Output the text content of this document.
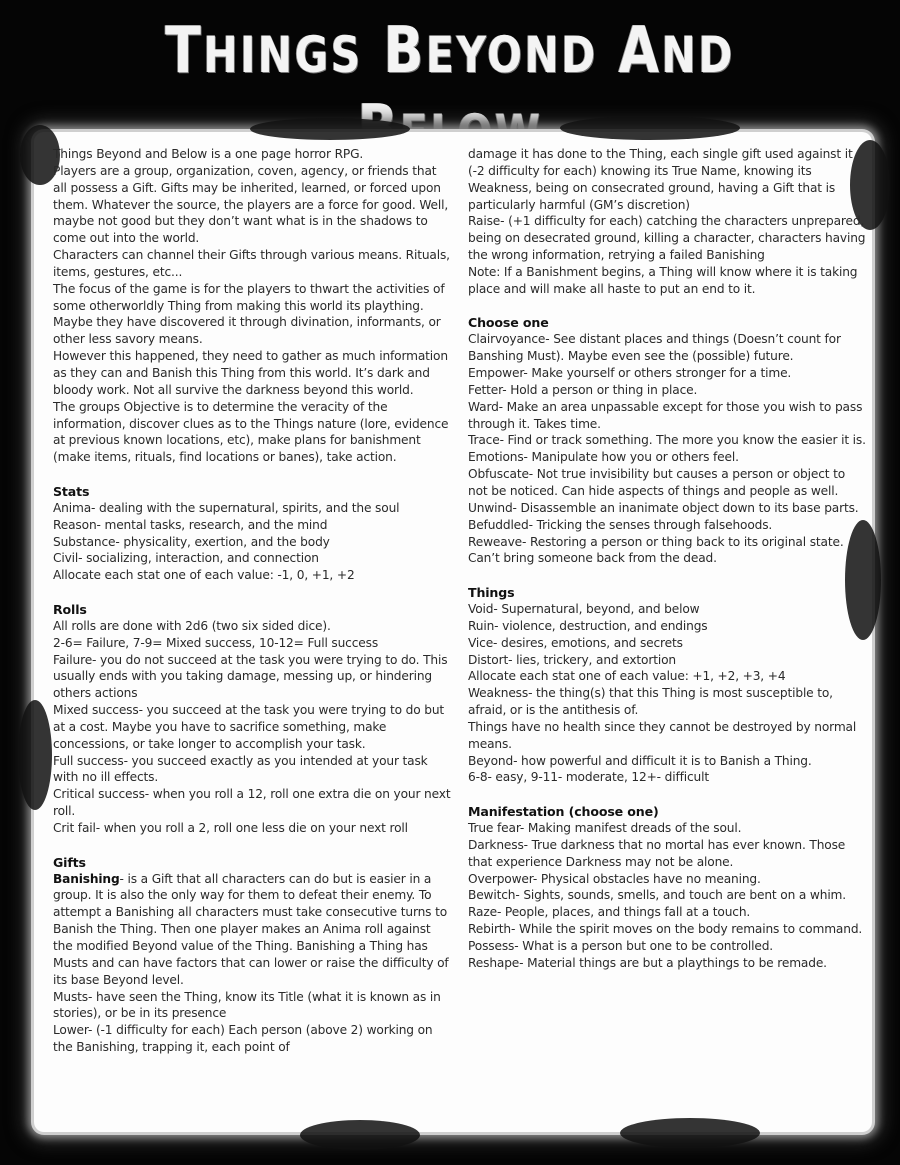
THINGS BEYOND AND

Things Beyond and Below is a one page horror RPG.

Players are a group, organization, coven, agency, or friends that all possess a Gift. Gifts may be inherited, learned, or forced upon them. Whatever the source, the players are a force for good. Well, maybe not good but they don’t want what is in the shadows to come out into the world.

Characters can channel their Gifts through various means. Rituals, items, gestures, etc...

The focus of the game is for the players to thwart the activities of some otherworldly Thing from making this world its plaything. Maybe they have discovered it through divination, informants, or other less savory means.

However this happened, they need to gather as much information as they can and Banish this Thing from this world. It’s dark and bloody work. Not all survive the darkness beyond this world.

The groups Objective is to determine the veracity of the information, discover clues as to the Things nature (lore, evidence at previous known locations, etc), make plans for banishment (make items, rituals, find locations or banes), take action.

Stats

Anima- dealing with the supernatural, spirits, and the soul

Reason- mental tasks, research, and the mind

Substance- physicality, exertion, and the body

Civil- socializing, interaction, and connection

Allocate each stat one of each value: -1, 0, +1, +2

Rolls

All rolls are done with 2d6 (two six sided dice).

2-6= Failure, 7-9= Mixed success, 10-12= Full success

Failure- you do not succeed at the task you were trying to do. This usually ends with you taking damage, messing up, or hindering others actions

Mixed success- you succeed at the task you were trying to do but at a cost. Maybe you have to sacrifice something, make concessions, or take longer to accomplish your task.

Full success- you succeed exactly as you intended at your task with no ill effects.

Critical success- when you roll a 12, roll one extra die on your next roll.

Crit fail- when you roll a 2, roll one less die on your next roll

Gifts

Banishing- is a Gift that all characters can do but is easier in a group. It is also the only way for them to defeat their enemy. To attempt a Banishing all characters must take consecutive turns to Banish the Thing. Then one player makes an Anima roll against the modified Beyond value of the Thing. Banishing a Thing has Musts and can have factors that can lower or raise the difficulty of its base Beyond level.

Musts- have seen the Thing, know its Title (what it is known as in stories), or be in its presence

Lower- (-1 difficulty for each) Each person (above 2) working on the Banishing, trapping it, each point of

damage it has done to the Thing, each single gift used against it (-2 difficulty for each) knowing its True Name, knowing its Weakness, being on consecrated ground, having a Gift that is particularly harmful (GM’s discretion)

Raise- (+1 difficulty for each) catching the characters unprepared, being on desecrated ground, killing a character, characters having the wrong information, retrying a failed Banishing

Note: If a Banishment begins, a Thing will know where it is taking place and will make all haste to put an end to it.

Choose one

Clairvoyance- See distant places and things (Doesn’t count for Banshing Must). Maybe even see the (possible) future.

Empower- Make yourself or others stronger for a time.

Fetter- Hold a person or thing in place.

Ward- Make an area unpassable except for those you wish to pass through it. Takes time.

Trace- Find or track something. The more you know the easier it is.

Emotions- Manipulate how you or others feel.

Obfuscate- Not true invisibility but causes a person or object to not be noticed. Can hide aspects of things and people as well.

Unwind- Disassemble an inanimate object down to its base parts.

Befuddled- Tricking the senses through falsehoods.

Reweave- Restoring a person or thing back to its original state. Can’t bring someone back from the dead.

Things

Void- Supernatural, beyond, and below

Ruin- violence, destruction, and endings

Vice- desires, emotions, and secrets

Distort- lies, trickery, and extortion

Allocate each stat one of each value: +1, +2, +3, +4

Weakness- the thing(s) that this Thing is most susceptible to, afraid, or is the antithesis of.

Things have no health since they cannot be destroyed by normal means.

Beyond- how powerful and difficult it is to Banish a Thing.

6-8- easy, 9-11- moderate, 12+- difficult

Manifestation (choose one)

True fear- Making manifest dreads of the soul.

Darkness- True darkness that no mortal has ever known. Those that experience Darkness may not be alone.

Overpower- Physical obstacles have no meaning.

Bewitch- Sights, sounds, smells, and touch are bent on a whim.

Raze- People, places, and things fall at a touch.

Rebirth- While the spirit moves on the body remains to command.

Possess- What is a person but one to be controlled.

Reshape- Material things are but a playthings to be remade.
